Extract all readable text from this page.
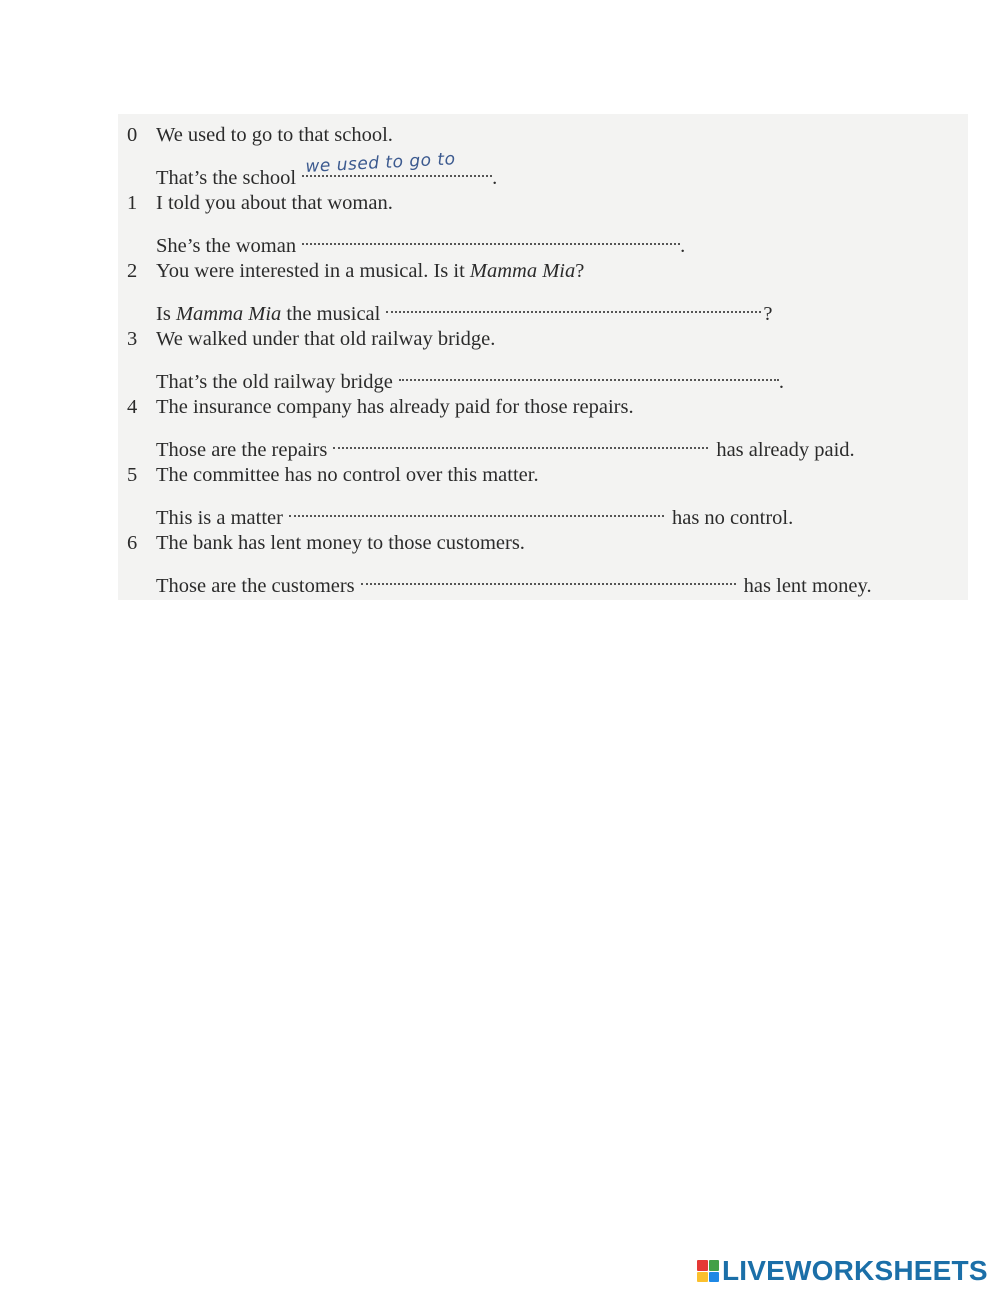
0 We used to go to that school.
That’s the school
we used to go to
.
1 I told you about that woman.
She’s the woman	.
2 You were interested in a musical. Is it Mamma Mia?
Is Mamma Mia the musical	?
3 We walked under that old railway bridge.
That’s the old railway bridge	.
4 The insurance company has already paid for those repairs.
Those are the repairs	has already paid.
5 The committee has no control over this matter.
This is a matter	has no control.
6 The bank has lent money to those customers.
Those are the customers	has lent money.
LIVEWORKSHEETS
